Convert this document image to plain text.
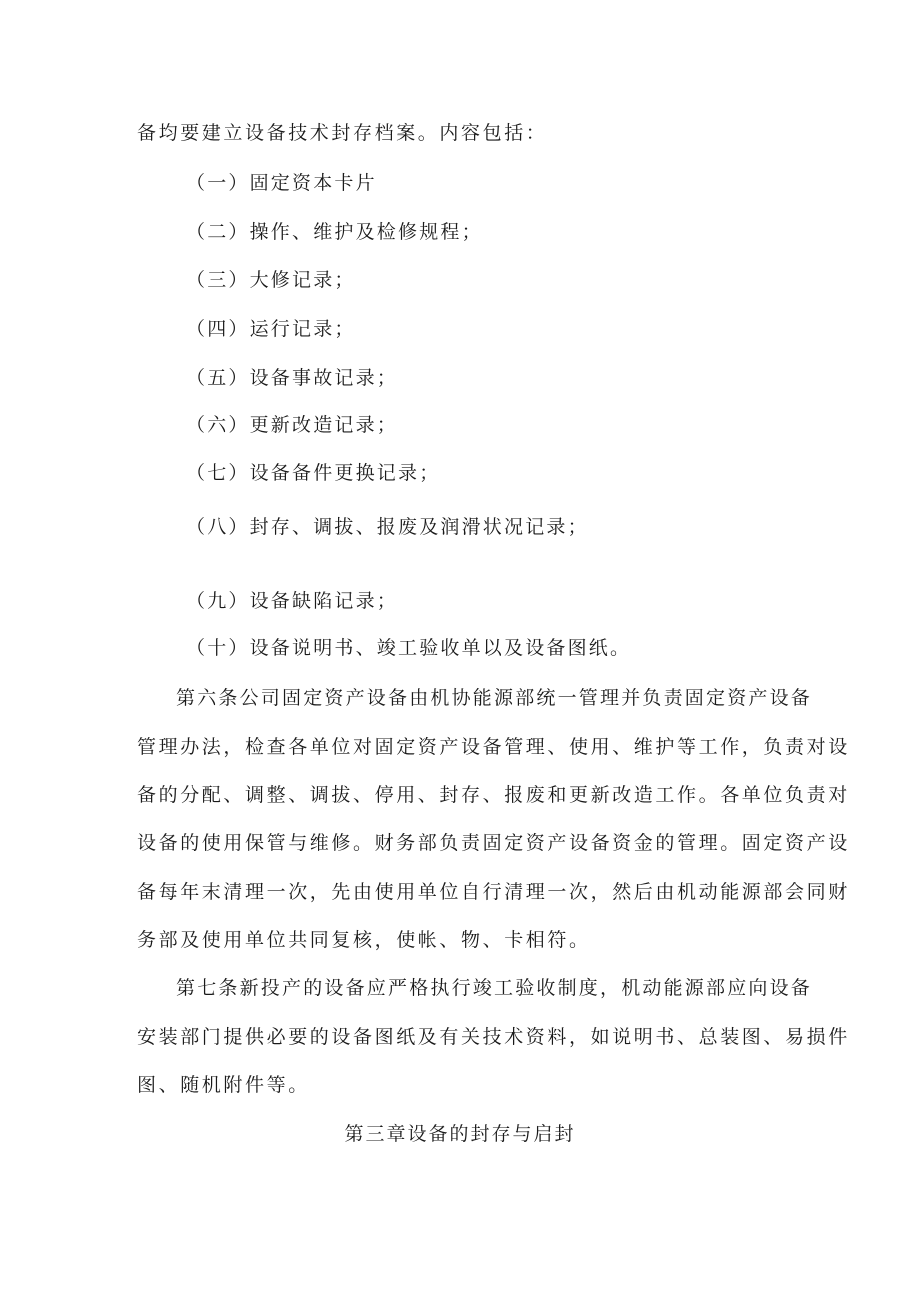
备均要建立设备技术封存档案。内容包括：
（一）固定资本卡片
（二）操作、维护及检修规程；
（三）大修记录；
（四）运行记录；
（五）设备事故记录；
（六）更新改造记录；
（七）设备备件更换记录；
（八）封存、调拔、报废及润滑状况记录；
（九）设备缺陷记录；
（十）设备说明书、竣工验收单以及设备图纸。
第六条公司固定资产设备由机协能源部统一管理并负责固定资产设备
管理办法，检查各单位对固定资产设备管理、使用、维护等工作，负责对设
备的分配、调整、调拔、停用、封存、报废和更新改造工作。各单位负责对
设备的使用保管与维修。财务部负责固定资产设备资金的管理。固定资产设
备每年末清理一次，先由使用单位自行清理一次，然后由机动能源部会同财
务部及使用单位共同复核，使帐、物、卡相符。
第七条新投产的设备应严格执行竣工验收制度，机动能源部应向设备
安装部门提供必要的设备图纸及有关技术资料，如说明书、总装图、易损件
图、随机附件等。
第三章设备的封存与启封
